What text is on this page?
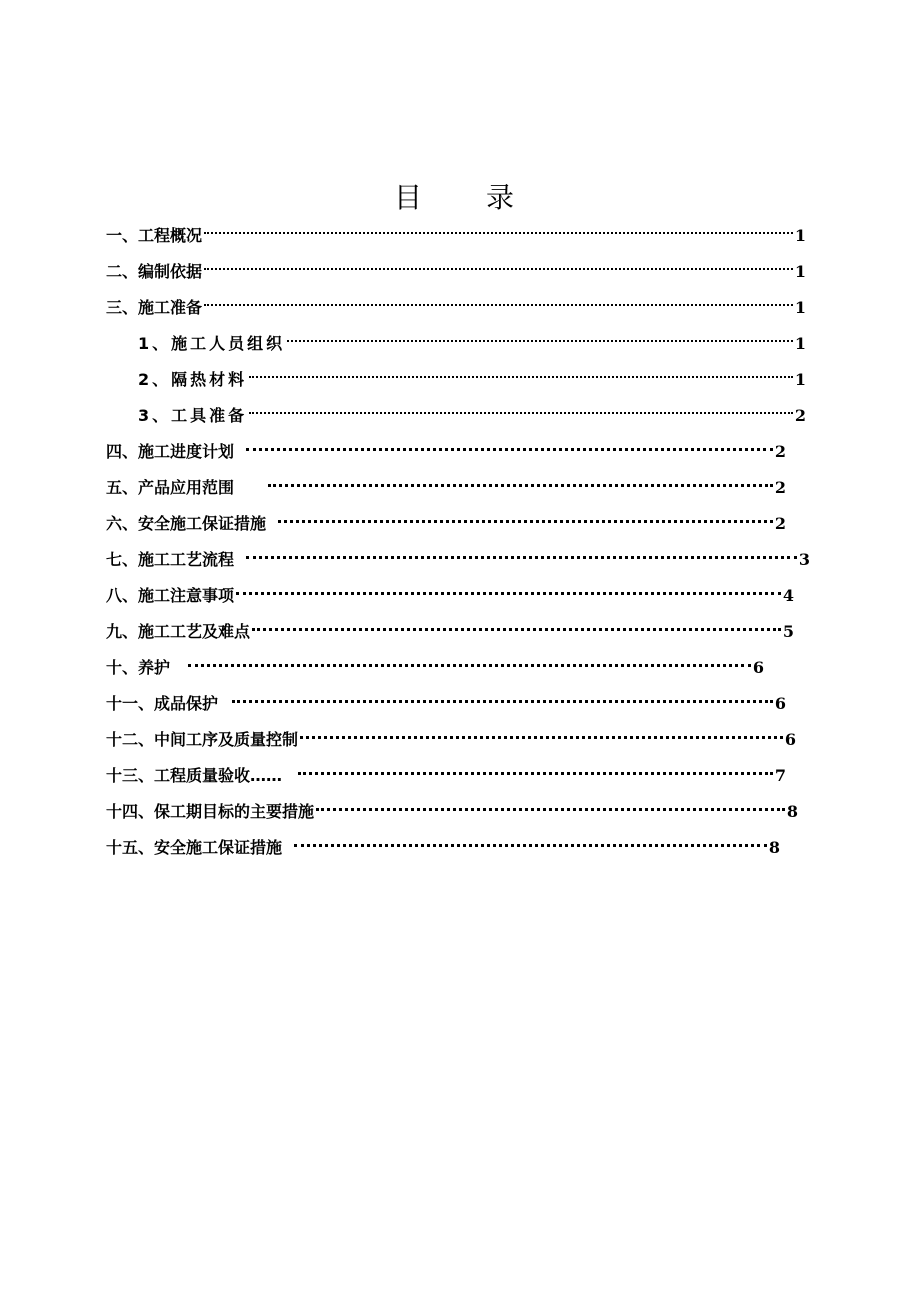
目 录
一、工程概况	1
二、编制依据	1
三、施工准备	1
1、施工人员组织	1
2、隔热材料	1
3、工具准备	2
四、施工进度计划	2
五、产品应用范围	2
六、安全施工保证措施	2
七、施工工艺流程	3
八、施工注意事项	4
九、施工工艺及难点	5
十、养护	6
十一、成品保护	6
十二、中间工序及质量控制	6
十三、工程质量验收……	7
十四、保工期目标的主要措施	8
十五、安全施工保证措施	8
